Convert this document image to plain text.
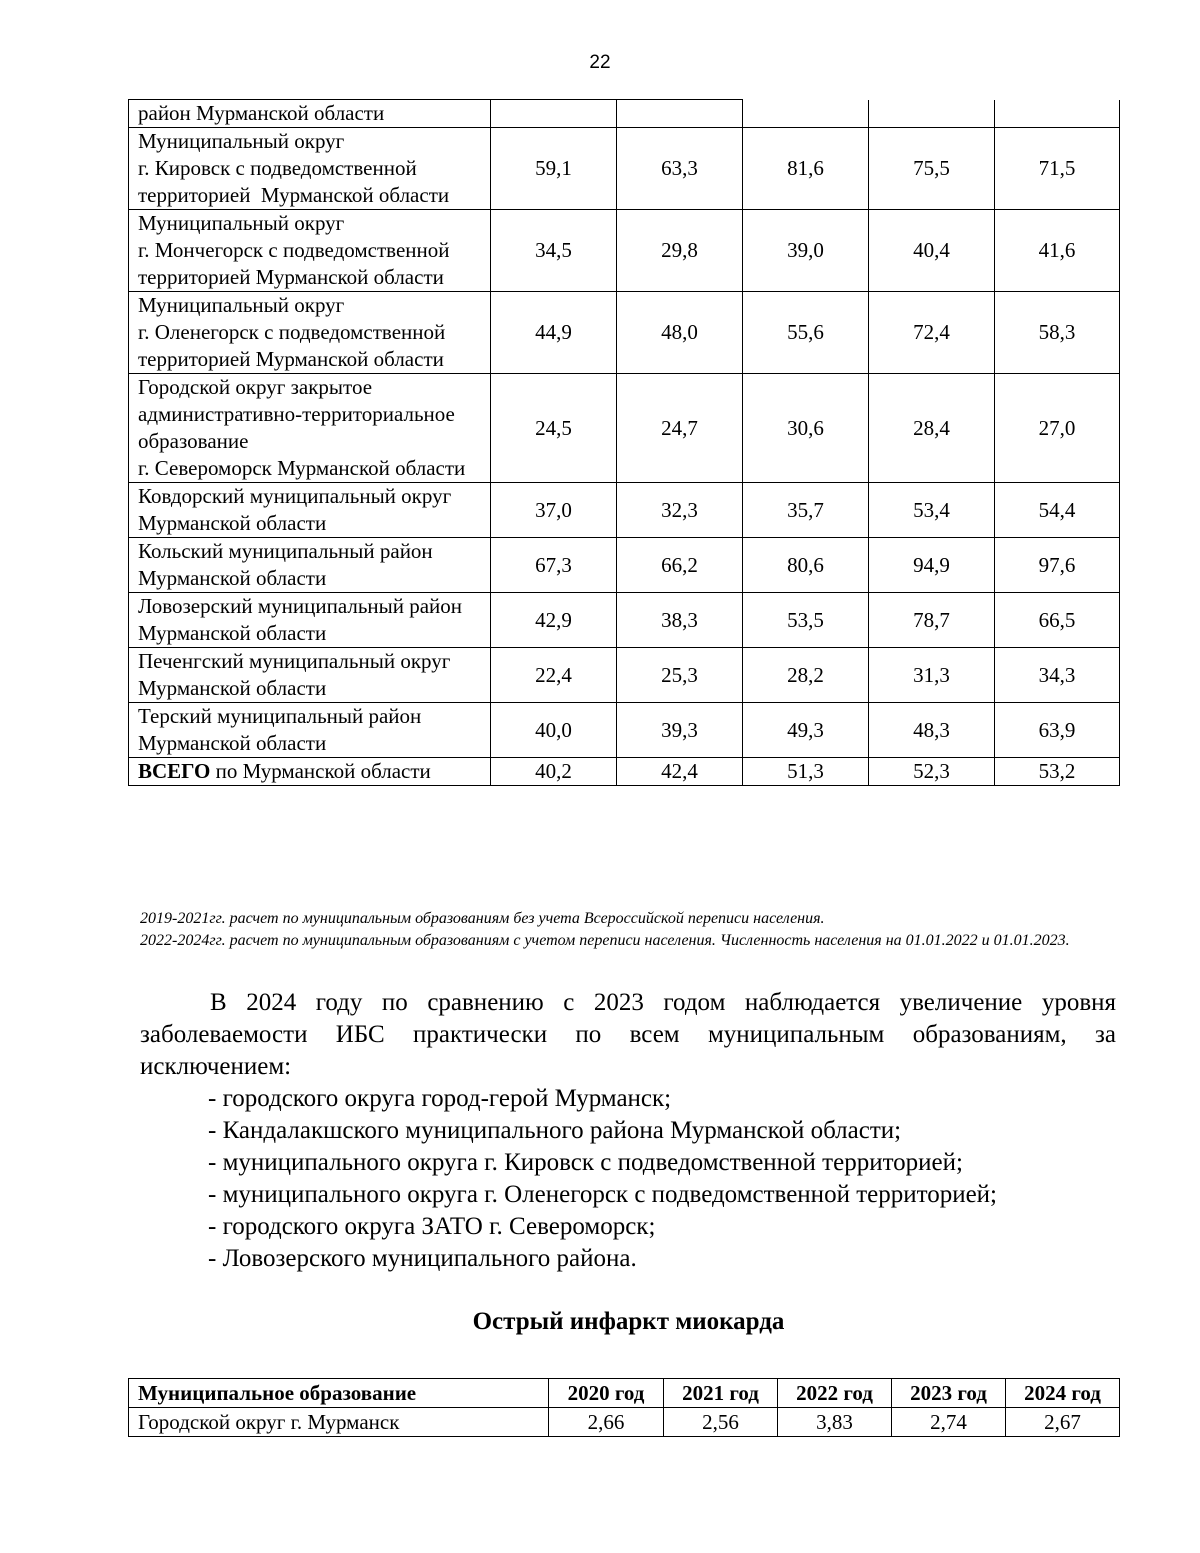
22
район Мурманской области					
Муниципальный округ
г. Кировск с подведомственной территорией  Мурманской области	59,1	63,3	81,6	75,5	71,5
Муниципальный округ
г. Мончегорск с подведомственной территорией Мурманской области	34,5	29,8	39,0	40,4	41,6
Муниципальный округ
г. Оленегорск с подведомственной территорией Мурманской области	44,9	48,0	55,6	72,4	58,3
Городской округ закрытое административно-территориальное образование
г. Североморск Мурманской области	24,5	24,7	30,6	28,4	27,0
Ковдорский муниципальный округ Мурманской области	37,0	32,3	35,7	53,4	54,4
Кольский муниципальный район Мурманской области	67,3	66,2	80,6	94,9	97,6
Ловозерский муниципальный район Мурманской области	42,9	38,3	53,5	78,7	66,5
Печенгский муниципальный округ Мурманской области	22,4	25,3	28,2	31,3	34,3
Терский муниципальный район Мурманской области	40,0	39,3	49,3	48,3	63,9
ВСЕГО по Мурманской области	40,2	42,4	51,3	52,3	53,2

2019-2021гг. расчет по муниципальным образованиям без учета Всероссийской переписи населения.

2022-2024гг. расчет по муниципальным образованиям с учетом переписи населения. Численность населения на 01.01.2022 и 01.01.2023.

В 2024 году по сравнению с 2023 годом наблюдается увеличение уровня заболеваемости ИБС практически по всем муниципальным образованиям, за исключением:

- городского округа город-герой Мурманск;
- Кандалакшского муниципального района Мурманской области;
- муниципального округа г. Кировск с подведомственной территорией;
- муниципального округа г. Оленегорск с подведомственной территорией;
- городского округа ЗАТО г. Североморск;
- Ловозерского муниципального района.
Острый инфаркт миокарда
Муниципальное образование	2020 год	2021 год	2022 год	2023 год	2024 год
Городской округ г. Мурманск	2,66	2,56	3,83	2,74	2,67
